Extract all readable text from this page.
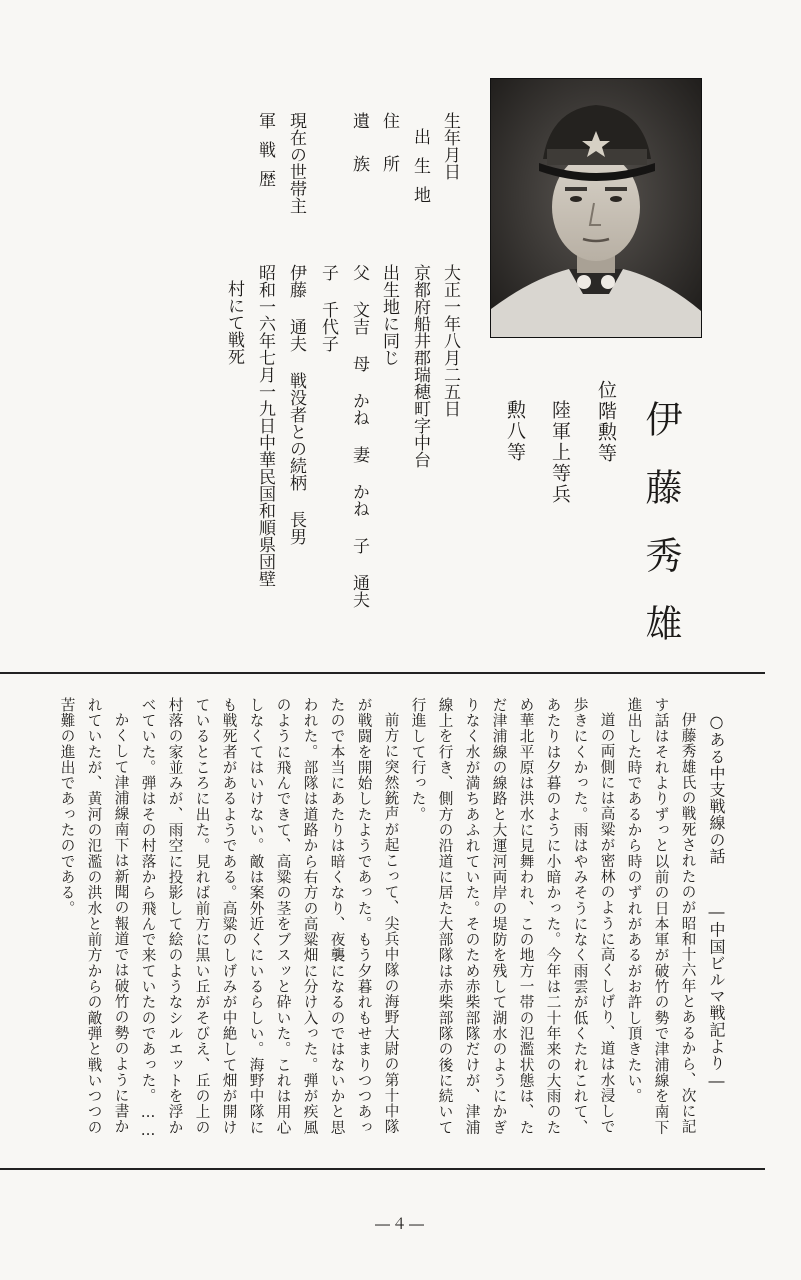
伊藤秀雄
位階勲等
陸軍上等兵
勲八等
生年月日
出生地
住所
遺族
現在の世帯主
軍戦歴
大正一年八月二五日
京都府船井郡瑞穂町字中台
出生地に同じ
父 文吉 母 かね 妻 かね 子 通夫
子 千代子
伊藤 通夫 戦没者との続柄 長男
昭和一六年七月一九日中華民国和順県団壁
村にて戦死
○ある中支戦線の話
―中国ビルマ戦記より―
伊藤秀雄氏の戦死されたのが昭和十六年とあるから、次に記
す話はそれよりずっと以前の日本軍が破竹の勢で津浦線を南下
進出した時であるから時のずれがあるがお許し頂きたい。
道の両側には高粱が密林のように高くしげり、道は水浸しで
歩きにくかった。雨はやみそうになく雨雲が低くたれこれて、
あたりは夕暮のように小暗かった。今年は二十年来の大雨のた
め華北平原は洪水に見舞われ、この地方一帯の氾濫状態は、た
だ津浦線の線路と大運河両岸の堤防を残して湖水のようにかぎ
りなく水が満ちあふれていた。そのため赤柴部隊だけが、津浦
線上を行き、側方の沿道に居た大部隊は赤柴部隊の後に続いて
行進して行った。
前方に突然銃声が起こって、尖兵中隊の海野大尉の第十中隊
が戦闘を開始したようであった。もう夕暮れもせまりつつあっ
たので本当にあたりは暗くなり、夜襲になるのではないかと思
われた。部隊は道路から右方の高粱畑に分け入った。弾が疾風
のように飛んできて、高粱の茎をブスッと砕いた。これは用心
しなくてはいけない。敵は案外近くにいるらしい。海野中隊に
も戦死者があるようである。高粱のしげみが中絶して畑が開け
ているところに出た。見れば前方に黒い丘がそびえ、丘の上の
村落の家並みが、雨空に投影して絵のようなシルエットを浮か
べていた。弾はその村落から飛んで来ていたのであった。……
かくして津浦線南下は新聞の報道では破竹の勢のように書か
れていたが、黄河の氾濫の洪水と前方からの敵弾と戦いつつの
苦難の進出であったのである。
―４―
